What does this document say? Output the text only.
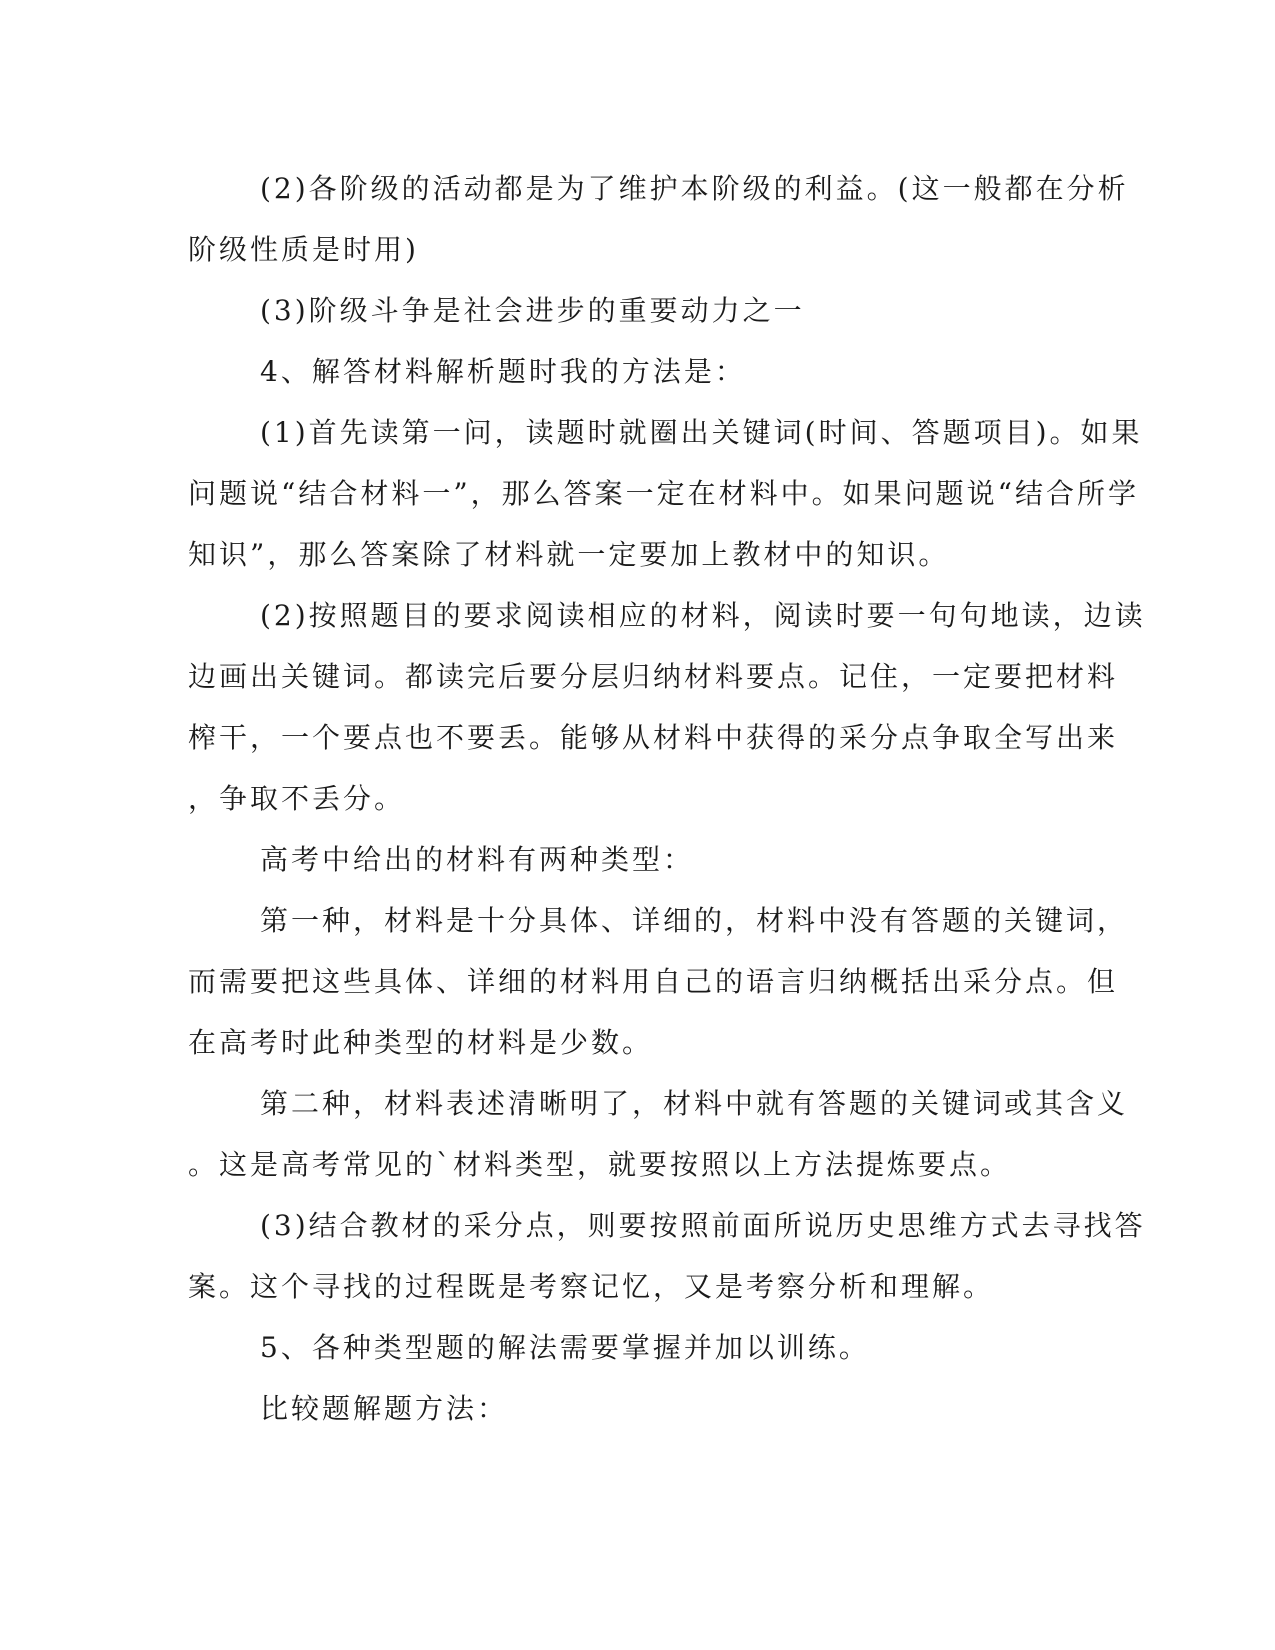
(2)各阶级的活动都是为了维护本阶级的利益。(这一般都在分析
阶级性质是时用)

(3)阶级斗争是社会进步的重要动力之一

4、解答材料解析题时我的方法是：

(1)首先读第一问，读题时就圈出关键词(时间、答题项目)。如果
问题说“结合材料一”，那么答案一定在材料中。如果问题说“结合所学
知识”，那么答案除了材料就一定要加上教材中的知识。

(2)按照题目的要求阅读相应的材料，阅读时要一句句地读，边读
边画出关键词。都读完后要分层归纳材料要点。记住，一定要把材料
榨干，一个要点也不要丢。能够从材料中获得的采分点争取全写出来
，争取不丢分。

高考中给出的材料有两种类型：

第一种，材料是十分具体、详细的，材料中没有答题的关键词，
而需要把这些具体、详细的材料用自己的语言归纳概括出采分点。但
在高考时此种类型的材料是少数。

第二种，材料表述清晰明了，材料中就有答题的关键词或其含义
。这是高考常见的`材料类型，就要按照以上方法提炼要点。

(3)结合教材的采分点，则要按照前面所说历史思维方式去寻找答
案。这个寻找的过程既是考察记忆，又是考察分析和理解。

5、各种类型题的解法需要掌握并加以训练。

比较题解题方法：
